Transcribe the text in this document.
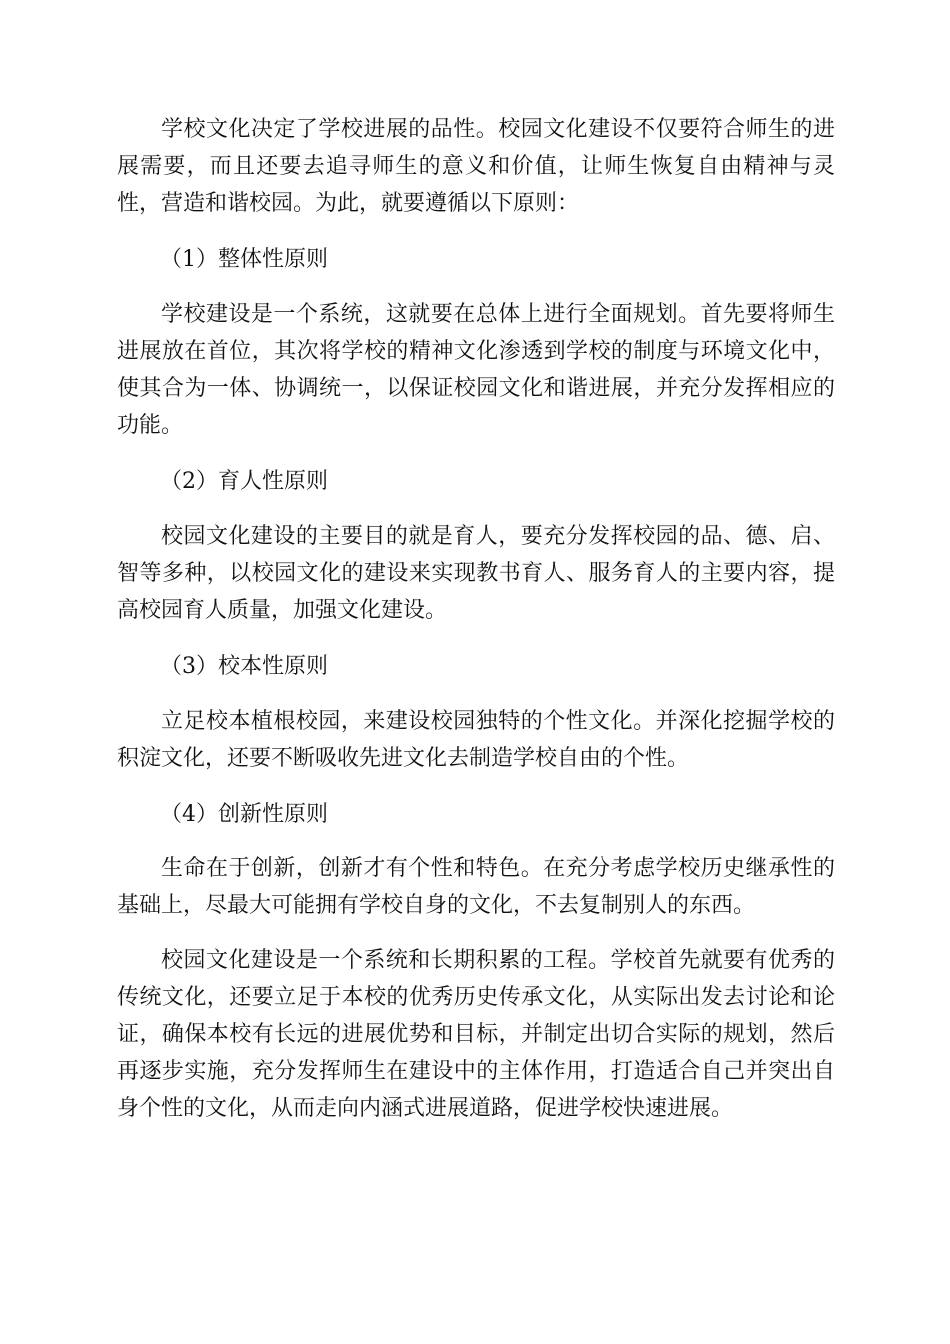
学校文化决定了学校进展的品性。校园文化建设不仅要符合师生的进展需要，而且还要去追寻师生的意义和价值，让师生恢复自由精神与灵性，营造和谐校园。为此，就要遵循以下原则：

（1）整体性原则

学校建设是一个系统，这就要在总体上进行全面规划。首先要将师生进展放在首位，其次将学校的精神文化渗透到学校的制度与环境文化中，使其合为一体、协调统一，以保证校园文化和谐进展，并充分发挥相应的功能。

（2）育人性原则

校园文化建设的主要目的就是育人，要充分发挥校园的品、德、启、智等多种，以校园文化的建设来实现教书育人、服务育人的主要内容，提高校园育人质量，加强文化建设。

（3）校本性原则

立足校本植根校园，来建设校园独特的个性文化。并深化挖掘学校的积淀文化，还要不断吸收先进文化去制造学校自由的个性。

（4）创新性原则

生命在于创新，创新才有个性和特色。在充分考虑学校历史继承性的基础上，尽最大可能拥有学校自身的文化，不去复制别人的东西。

校园文化建设是一个系统和长期积累的工程。学校首先就要有优秀的传统文化，还要立足于本校的优秀历史传承文化，从实际出发去讨论和论证，确保本校有长远的进展优势和目标，并制定出切合实际的规划，然后再逐步实施，充分发挥师生在建设中的主体作用，打造适合自己并突出自身个性的文化，从而走向内涵式进展道路，促进学校快速进展。
